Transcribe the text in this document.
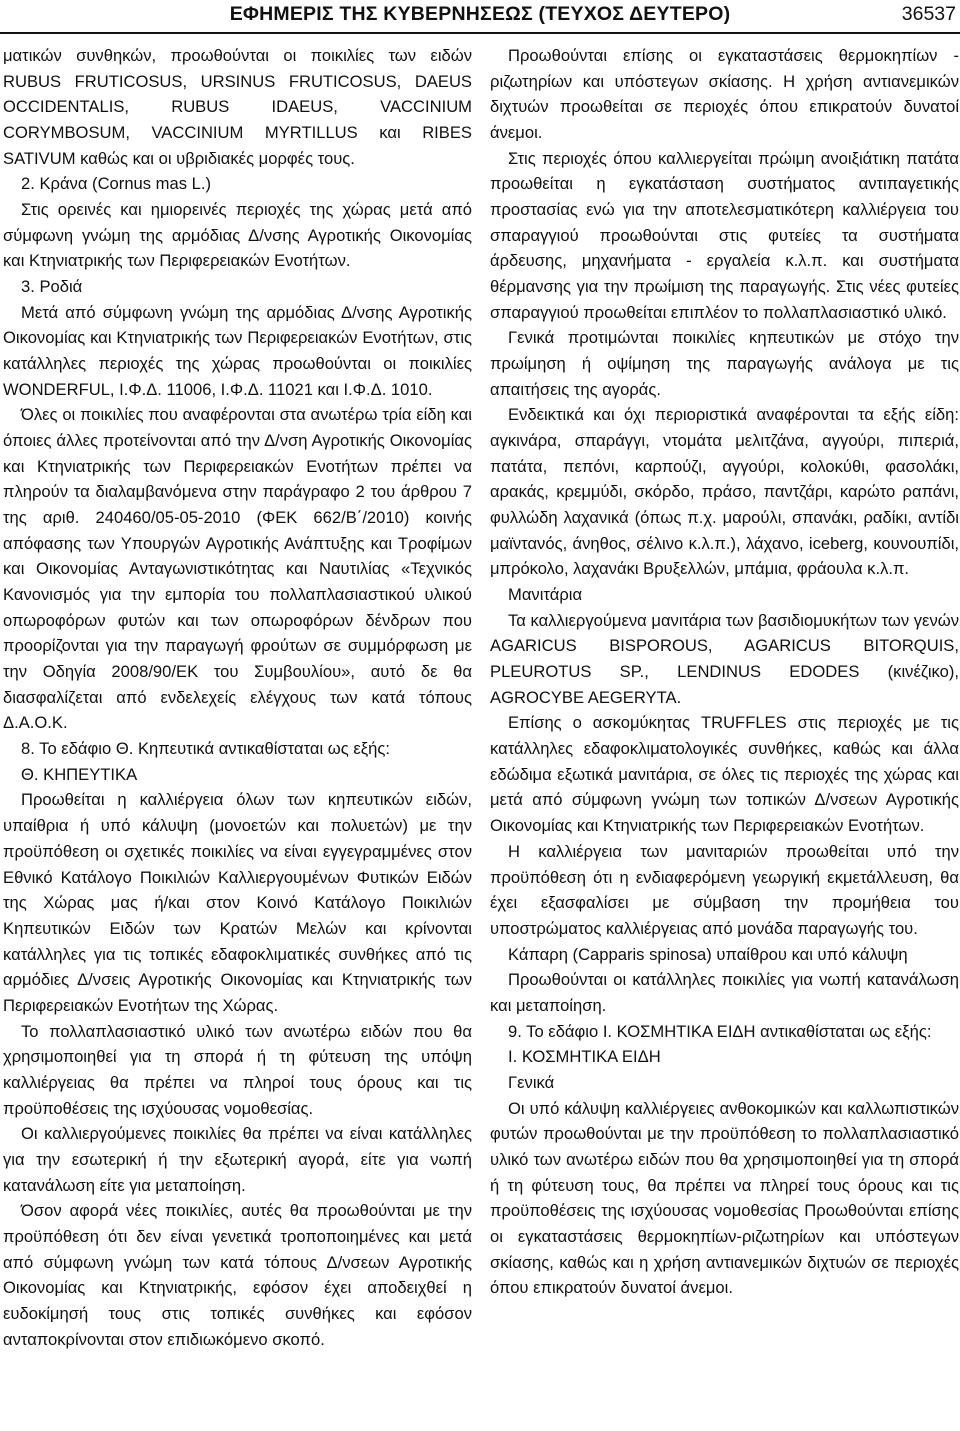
ΕΦΗΜΕΡΙΣ ΤΗΣ ΚΥΒΕΡΝΗΣΕΩΣ (ΤΕΥΧΟΣ ΔΕΥΤΕΡΟ)	36537

ματικών συνθηκών, προωθούνται οι ποικιλίες των ειδών RUBUS FRUTICOSUS, URSINUS FRUTICOSUS, DAEUS OCCIDENTALIS, RUBUS IDAEUS, VACCINIUM CORYMBOSUM, VACCINIUM MYRTILLUS και RIBES SATIVUM καθώς και οι υβριδιακές μορφές τους.

2. Κράνα (Cornus mas L.)

Στις ορεινές και ημιορεινές περιοχές της χώρας μετά από σύμφωνη γνώμη της αρμόδιας Δ/νσης Αγροτικής Οικονομίας και Κτηνιατρικής των Περιφερειακών Ενοτήτων.

3. Ροδιά

Μετά από σύμφωνη γνώμη της αρμόδιας Δ/νσης Αγροτικής Οικονομίας και Κτηνιατρικής των Περιφερειακών Ενοτήτων, στις κατάλληλες περιοχές της χώρας προωθούνται οι ποικιλίες WONDERFUL, Ι.Φ.Δ. 11006, Ι.Φ.Δ. 11021 και Ι.Φ.Δ. 1010.

Όλες οι ποικιλίες που αναφέρονται στα ανωτέρω τρία είδη και όποιες άλλες προτείνονται από την Δ/νση Αγροτικής Οικονομίας και Κτηνιατρικής των Περιφερειακών Ενοτήτων πρέπει να πληρούν τα διαλαμβανόμενα στην παράγραφο 2 του άρθρου 7 της αριθ. 240460/05-05-2010 (ΦΕΚ 662/Β΄/2010) κοινής απόφασης των Υπουργών Αγροτικής Ανάπτυξης και Τροφίμων και Οικονομίας Ανταγωνιστικότητας και Ναυτιλίας «Τεχνικός Κανονισμός για την εμπορία του πολλαπλασιαστικού υλικού οπωροφόρων φυτών και των οπωροφόρων δένδρων που προορίζονται για την παραγωγή φρούτων σε συμμόρφωση με την Οδηγία 2008/90/ΕΚ του Συμβουλίου», αυτό δε θα διασφαλίζεται από ενδελεχείς ελέγχους των κατά τόπους Δ.Α.Ο.Κ.

8. Το εδάφιο Θ. Κηπευτικά αντικαθίσταται ως εξής:

Θ. ΚΗΠΕΥΤΙΚΑ

Προωθείται η καλλιέργεια όλων των κηπευτικών ειδών, υπαίθρια ή υπό κάλυψη (μονοετών και πολυετών) με την προϋπόθεση οι σχετικές ποικιλίες να είναι εγγεγραμμένες στον Εθνικό Κατάλογο Ποικιλιών Καλλιεργουμένων Φυτικών Ειδών της Χώρας μας ή/και στον Κοινό Κατάλογο Ποικιλιών Κηπευτικών Ειδών των Κρατών Μελών και κρίνονται κατάλληλες για τις τοπικές εδαφοκλιματικές συνθήκες από τις αρμόδιες Δ/νσεις Αγροτικής Οικονομίας και Κτηνιατρικής των Περιφερειακών Ενοτήτων της Χώρας.

Το πολλαπλασιαστικό υλικό των ανωτέρω ειδών που θα χρησιμοποιηθεί για τη σπορά ή τη φύτευση της υπόψη καλλιέργειας θα πρέπει να πληροί τους όρους και τις προϋποθέσεις της ισχύουσας νομοθεσίας.

Οι καλλιεργούμενες ποικιλίες θα πρέπει να είναι κατάλληλες για την εσωτερική ή την εξωτερική αγορά, είτε για νωπή κατανάλωση είτε για μεταποίηση.

Όσον αφορά νέες ποικιλίες, αυτές θα προωθούνται με την προϋπόθεση ότι δεν είναι γενετικά τροποποιημένες και μετά από σύμφωνη γνώμη των κατά τόπους Δ/νσεων Αγροτικής Οικονομίας και Κτηνιατρικής, εφόσον έχει αποδειχθεί η ευδοκίμησή τους στις τοπικές συνθήκες και εφόσον ανταποκρίνονται στον επιδιωκόμενο σκοπό.

Προωθούνται επίσης οι εγκαταστάσεις θερμοκηπίων - ριζωτηρίων και υπόστεγων σκίασης. Η χρήση αντιανεμικών διχτυών προωθείται σε περιοχές όπου επικρατούν δυνατοί άνεμοι.

Στις περιοχές όπου καλλιεργείται πρώιμη ανοιξιάτικη πατάτα προωθείται η εγκατάσταση συστήματος αντιπαγετικής προστασίας ενώ για την αποτελεσματικότερη καλλιέργεια του σπαραγγιού προωθούνται στις φυτείες τα συστήματα άρδευσης, μηχανήματα - εργαλεία κ.λ.π. και συστήματα θέρμανσης για την πρωίμιση της παραγωγής. Στις νέες φυτείες σπαραγγιού προωθείται επιπλέον το πολλαπλασιαστικό υλικό.

Γενικά προτιμώνται ποικιλίες κηπευτικών με στόχο την πρωίμηση ή οψίμηση της παραγωγής ανάλογα με τις απαιτήσεις της αγοράς.

Ενδεικτικά και όχι περιοριστικά αναφέρονται τα εξής είδη: αγκινάρα, σπαράγγι, ντομάτα μελιτζάνα, αγγούρι, πιπεριά, πατάτα, πεπόνι, καρπούζι, αγγούρι, κολοκύθι, φασολάκι, αρακάς, κρεμμύδι, σκόρδο, πράσο, παντζάρι, καρώτο ραπάνι, φυλλώδη λαχανικά (όπως π.χ. μαρούλι, σπανάκι, ραδίκι, αντίδι μαϊντανός, άνηθος, σέλινο κ.λ.π.), λάχανο, iceberg, κουνουπίδι, μπρόκολο, λαχανάκι Βρυξελλών, μπάμια, φράουλα κ.λ.π.

Μανιτάρια

Τα καλλιεργούμενα μανιτάρια των βασιδιομυκήτων των γενών AGARICUS BISPOROUS, AGARICUS BITORQUIS, PLEUROTUS SP., LENDINUS EDODES (κινέζικο), AGROCYBE AEGERYTA.

Επίσης ο ασκομύκητας TRUFFLES στις περιοχές με τις κατάλληλες εδαφοκλιματολογικές συνθήκες, καθώς και άλλα εδώδιμα εξωτικά μανιτάρια, σε όλες τις περιοχές της χώρας και μετά από σύμφωνη γνώμη των τοπικών Δ/νσεων Αγροτικής Οικονομίας και Κτηνιατρικής των Περιφερειακών Ενοτήτων.

Η καλλιέργεια των μανιταριών προωθείται υπό την προϋπόθεση ότι η ενδιαφερόμενη γεωργική εκμετάλλευση, θα έχει εξασφαλίσει με σύμβαση την προμήθεια του υποστρώματος καλλιέργειας από μονάδα παραγωγής του.

Κάπαρη (Capparis spinosa) υπαίθρου και υπό κάλυψη

Προωθούνται οι κατάλληλες ποικιλίες για νωπή κατανάλωση και μεταποίηση.

9. Το εδάφιο Ι. ΚΟΣΜΗΤΙΚΑ ΕΙΔΗ αντικαθίσταται ως εξής:

Ι. ΚΟΣΜΗΤΙΚΑ ΕΙΔΗ

Γενικά

Οι υπό κάλυψη καλλιέργειες ανθοκομικών και καλλωπιστικών φυτών προωθούνται με την προϋπόθεση το πολλαπλασιαστικό υλικό των ανωτέρω ειδών που θα χρησιμοποιηθεί για τη σπορά ή τη φύτευση τους, θα πρέπει να πληρεί τους όρους και τις προϋποθέσεις της ισχύουσας νομοθεσίας Προωθούνται επίσης οι εγκαταστάσεις θερμοκηπίων-ριζωτηρίων και υπόστεγων σκίασης, καθώς και η χρήση αντιανεμικών διχτυών σε περιοχές όπου επικρατούν δυνατοί άνεμοι.
